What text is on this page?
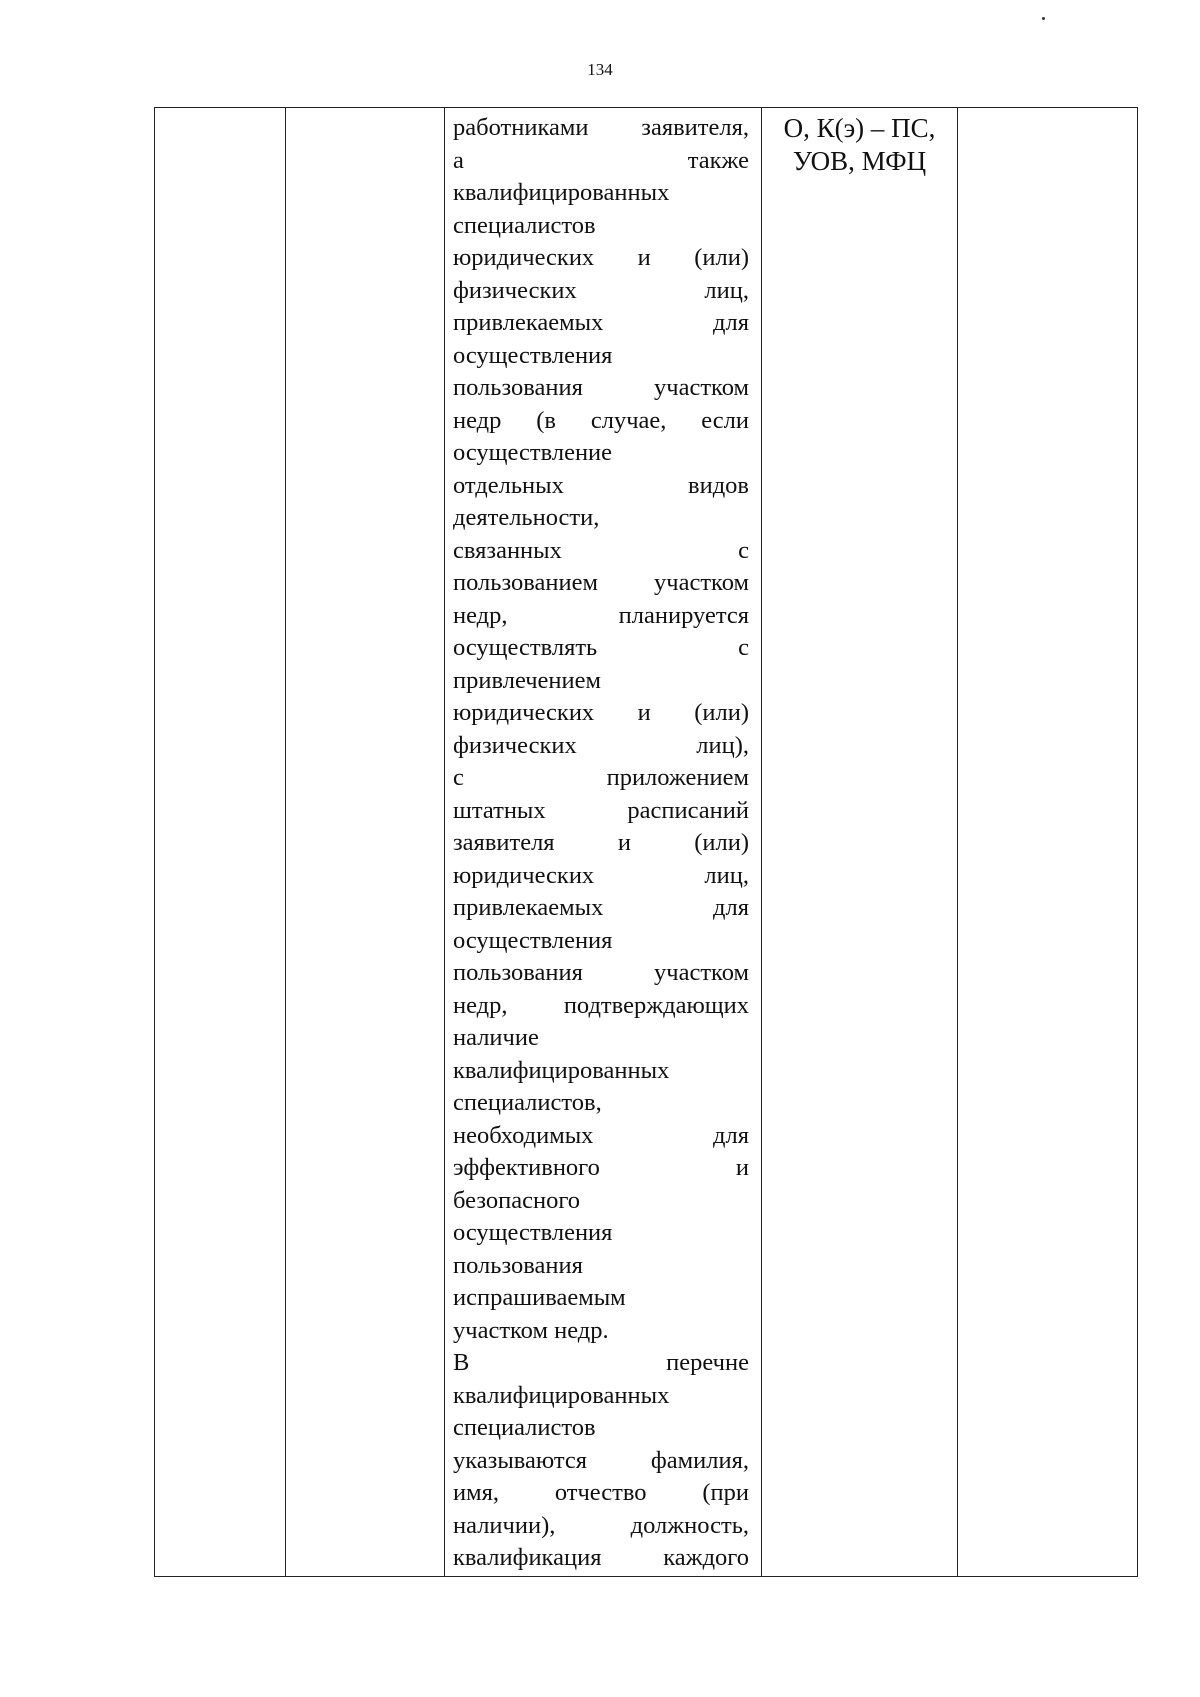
134

работниками заявителя,
а также
квалифицированных
специалистов
юридических и (или)
физических лиц,
привлекаемых для
осуществления
пользования участком
недр (в случае, если
осуществление
отдельных видов
деятельности,
связанных с
пользованием участком
недр, планируется
осуществлять с
привлечением
юридических и (или)
физических лиц),
с приложением
штатных расписаний
заявителя и (или)
юридических лиц,
привлекаемых для
осуществления
пользования участком
недр, подтверждающих
наличие
квалифицированных
специалистов,
необходимых для
эффективного и
безопасного
осуществления
пользования
испрашиваемым
участком недр.
В перечне
квалифицированных
специалистов
указываются фамилия,
имя, отчество (при
наличии), должность,
квалификация каждого

О, К(э) – ПС,
УОВ, МФЦ
